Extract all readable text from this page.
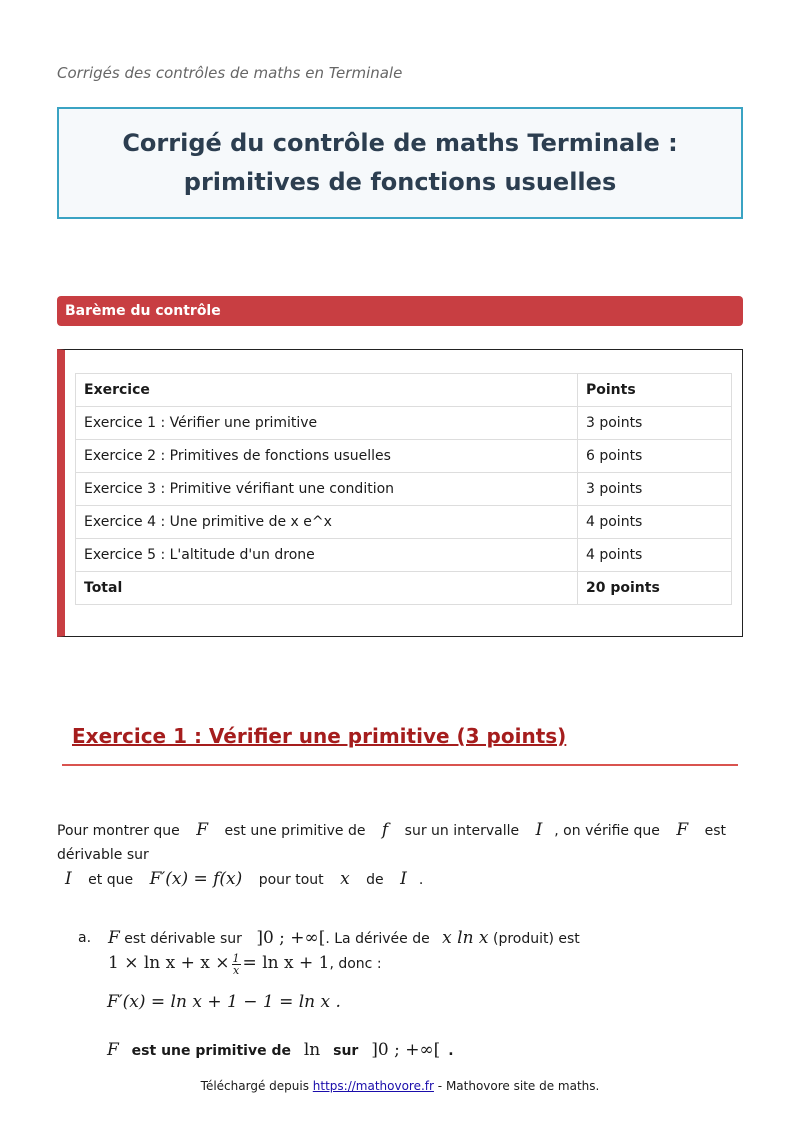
Corrigés des contrôles de maths en Terminale
Corrigé du contrôle de maths Terminale : primitives de fonctions usuelles
Barème du contrôle
Exercice	Points
Exercice 1 : Vérifier une primitive	3 points
Exercice 2 : Primitives de fonctions usuelles	6 points
Exercice 3 : Primitive vérifiant une condition	3 points
Exercice 4 : Une primitive de x e^x	4 points
Exercice 5 : L'altitude d'un drone	4 points
Total	20 points
Exercice 1 : Vérifier une primitive (3 points)
Pour montrer que F est une primitive de f sur un intervalle I , on vérifie que F est dérivable sur
I et que F′(x) = f(x) pour tout x de I .
a. F est dérivable sur ]0 ; +∞[. La dérivée de x ln x (produit) est
$1 \times \ln x + x \times \frac{1}{x} = \ln x + 1$, donc :
F′(x) = ln x + 1 − 1 = ln x .
F est une primitive de ln sur ]0 ; +∞[ .
Téléchargé depuis https://mathovore.fr - Mathovore site de maths.
